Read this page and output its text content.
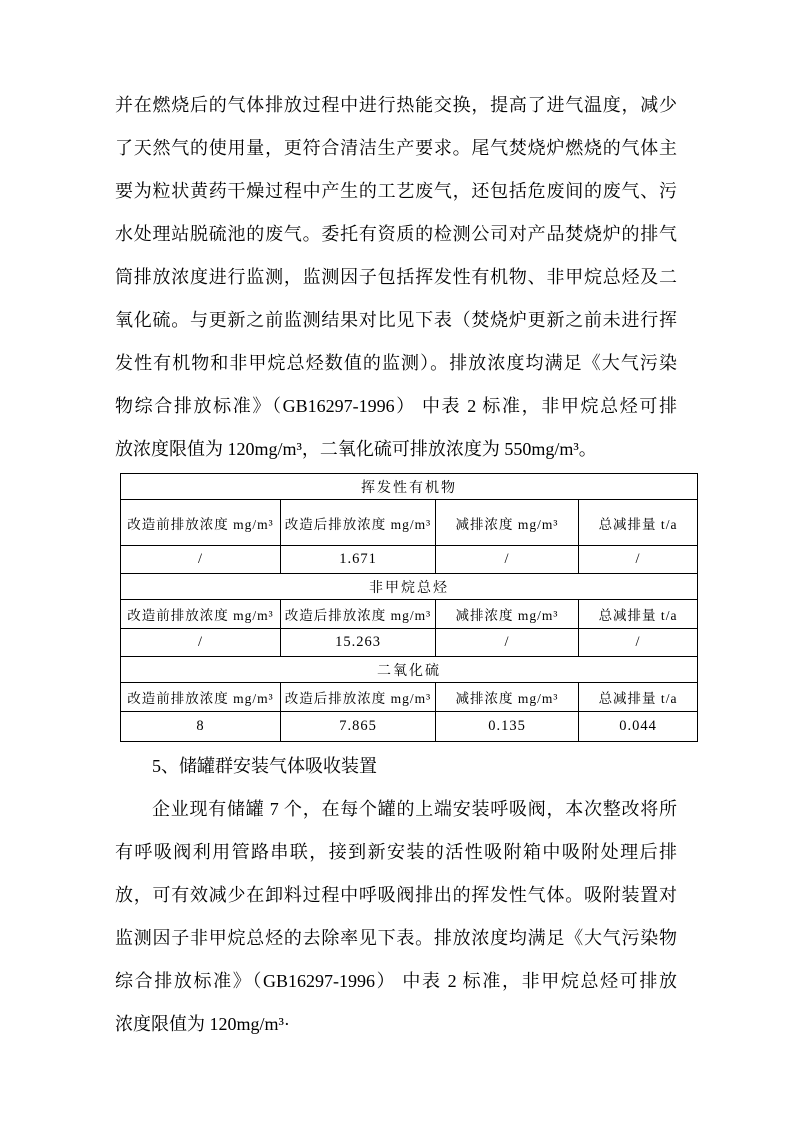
并在燃烧后的气体排放过程中进行热能交换，提高了进气温度，减少
了天然气的使用量，更符合清洁生产要求。尾气焚烧炉燃烧的气体主
要为粒状黄药干燥过程中产生的工艺废气，还包括危废间的废气、污
水处理站脱硫池的废气。委托有资质的检测公司对产品焚烧炉的排气
筒排放浓度进行监测，监测因子包括挥发性有机物、非甲烷总烃及二
氧化硫。与更新之前监测结果对比见下表（焚烧炉更新之前未进行挥
发性有机物和非甲烷总烃数值的监测）。排放浓度均满足《大气污染
物综合排放标准》（GB16297-1996） 中表 2 标准，非甲烷总烃可排
放浓度限值为 120mg/m³，二氧化硫可排放浓度为 550mg/m³。
挥发性有机物			
改造前排放浓度 mg/m³	改造后排放浓度 mg/m³	减排浓度 mg/m³	总减排量 t/a
/	1.671	/	/
非甲烷总烃			
改造前排放浓度 mg/m³	改造后排放浓度 mg/m³	减排浓度 mg/m³	总减排量 t/a
/	15.263	/	/
二氧化硫			
改造前排放浓度 mg/m³	改造后排放浓度 mg/m³	减排浓度 mg/m³	总减排量 t/a
8	7.865	0.135	0.044
5、储罐群安装气体吸收装置
企业现有储罐 7 个，在每个罐的上端安装呼吸阀，本次整改将所
有呼吸阀利用管路串联，接到新安装的活性吸附箱中吸附处理后排
放，可有效减少在卸料过程中呼吸阀排出的挥发性气体。吸附装置对
监测因子非甲烷总烃的去除率见下表。排放浓度均满足《大气污染物
综合排放标准》（GB16297-1996） 中表 2 标准，非甲烷总烃可排放
浓度限值为 120mg/m³·
